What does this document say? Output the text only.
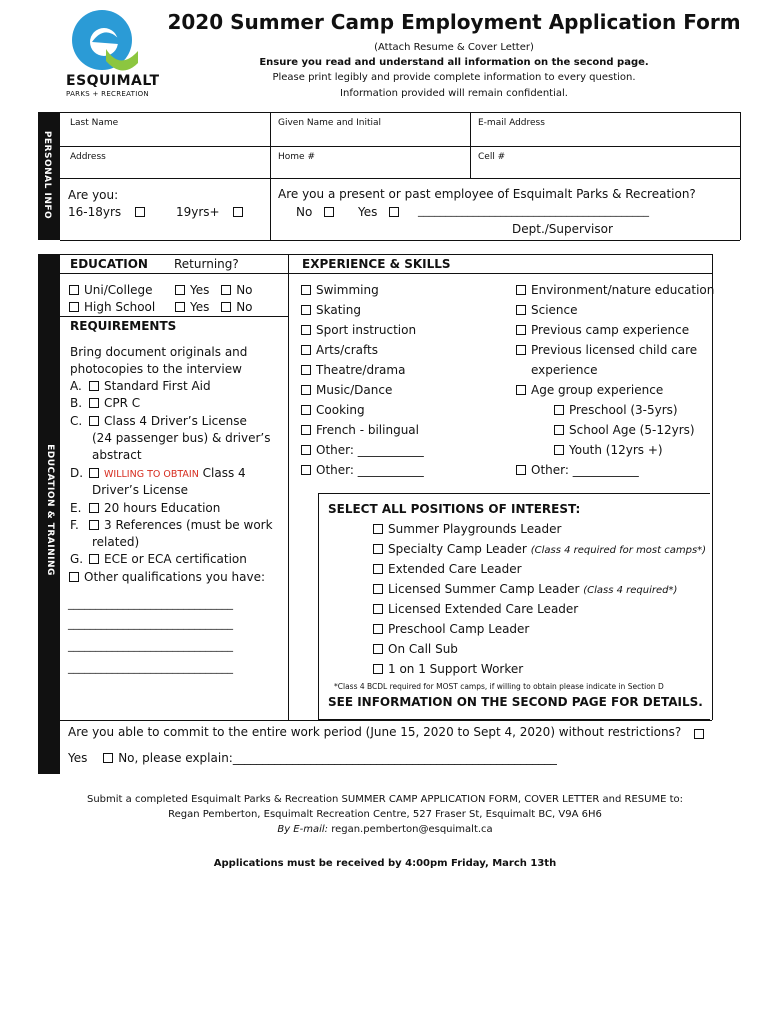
ESQUIMALT
PARKS + RECREATION
2020 Summer Camp Employment Application Form
(Attach Resume & Cover Letter)
Ensure you read and understand all information on the second page.
Please print legibly and provide complete information to every question.
Information provided will remain confidential.
PERSONAL INFO
Last Name	Given Name and Initial	E-mail Address
Address	Home #	Cell #
Are you:
16-18yrs	19yrs+
Are you a present or past employee of Esquimalt Parks & Recreation?
No	Yes	__________________________________________
Dept./Supervisor
EDUCATION & TRAINING
EDUCATION Returning?
Uni/College	Yes No
High School	Yes No
REQUIREMENTS
Bring document originals and
photocopies to the interview
A. Standard First Aid
B. CPR C
C. Class 4 Driver’s License
(24 passenger bus) & driver’s
abstract
D. WILLING TO OBTAIN Class 4
Driver’s License
E. 20 hours Education
F. 3 References (must be work
related)
G. ECE or ECA certification
Other qualifications you have:
______________________________
______________________________
______________________________
______________________________
EXPERIENCE & SKILLS
Swimming
Skating
Sport instruction
Arts/crafts
Theatre/drama
Music/Dance
Cooking
French - bilingual
Other: ___________
Other: ___________
Environment/nature education
Science
Previous camp experience
Previous licensed child care
experience
Age group experience
Preschool (3-5yrs)
School Age (5-12yrs)
Youth (12yrs +)
Other: ___________
SELECT ALL POSITIONS OF INTEREST:
Summer Playgrounds Leader
Specialty Camp Leader (Class 4 required for most camps*)
Extended Care Leader
Licensed Summer Camp Leader (Class 4 required*)
Licensed Extended Care Leader
Preschool Camp Leader
On Call Sub
1 on 1 Support Worker
*Class 4 BCDL required for MOST camps, if willing to obtain please indicate in Section D
SEE INFORMATION ON THE SECOND PAGE FOR DETAILS.
Are you able to commit to the entire work period (June 15, 2020 to Sept 4, 2020) without restrictions?
Yes	No, please explain:______________________________________________________
Submit a completed Esquimalt Parks & Recreation SUMMER CAMP APPLICATION FORM, COVER LETTER and RESUME to:
Regan Pemberton, Esquimalt Recreation Centre, 527 Fraser St, Esquimalt BC, V9A 6H6
By E-mail: regan.pemberton@esquimalt.ca
Applications must be received by 4:00pm Friday, March 13th
